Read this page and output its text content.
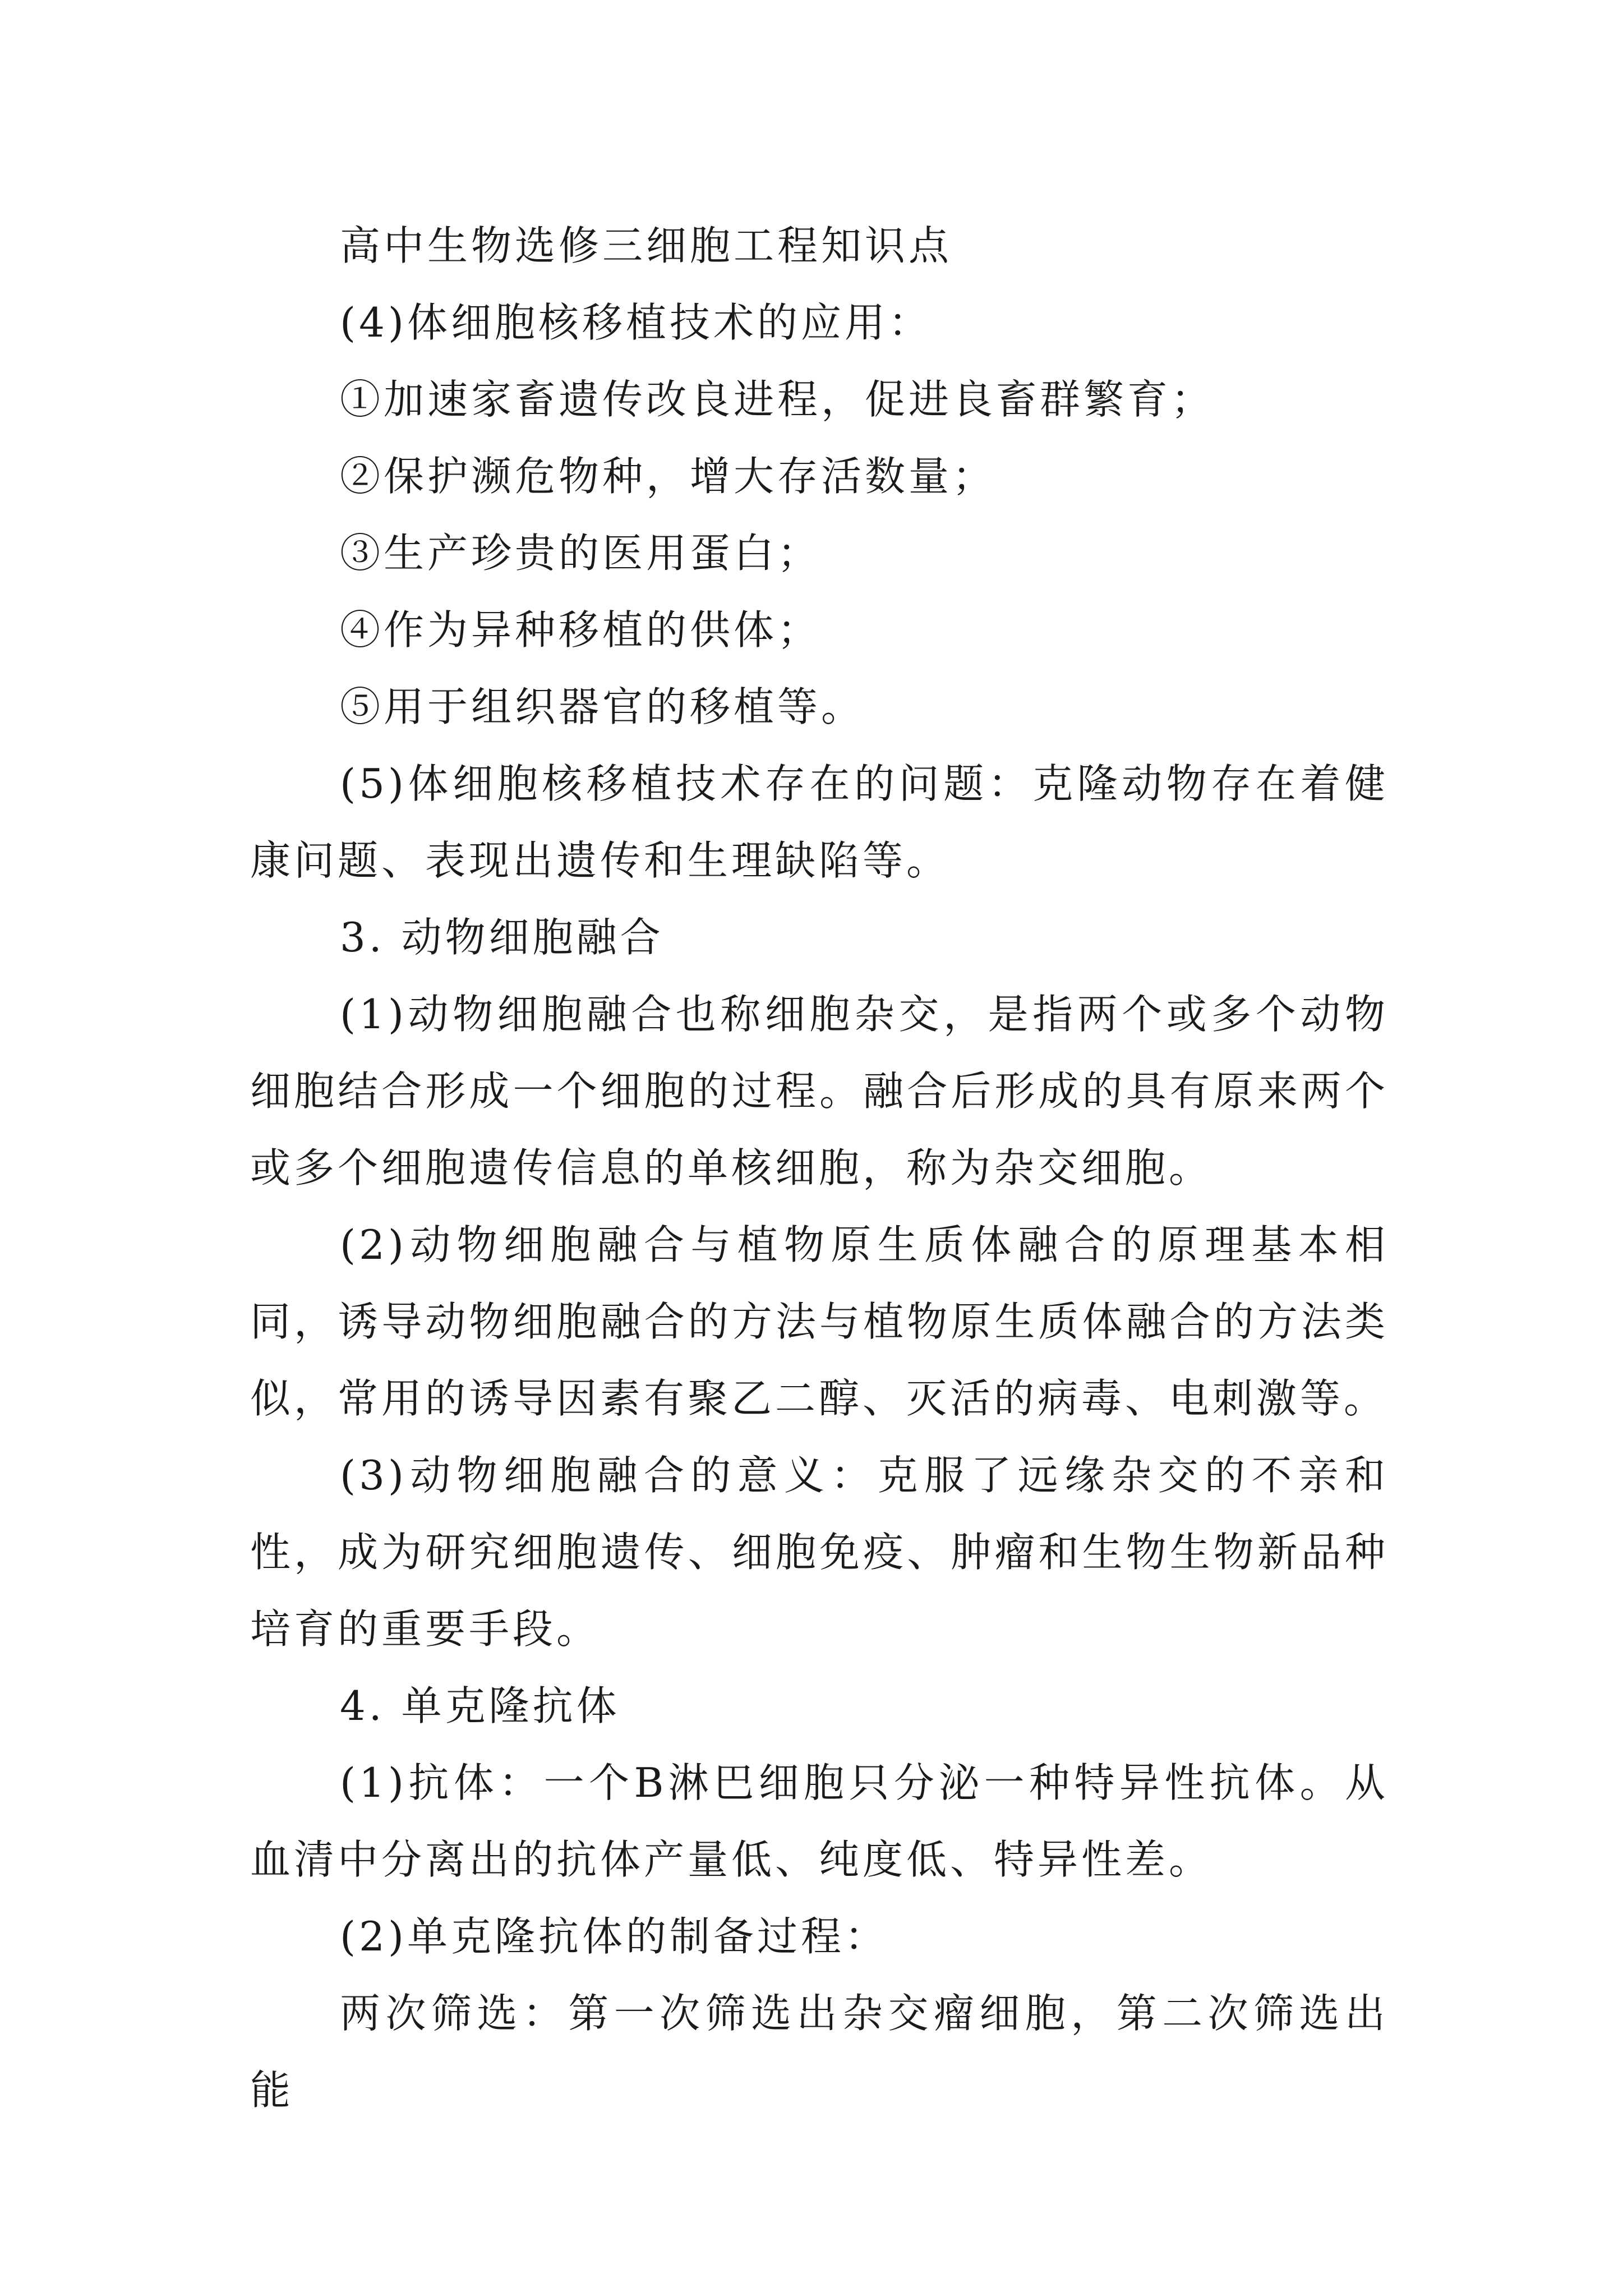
高中生物选修三细胞工程知识点

(4)体细胞核移植技术的应用：

①加速家畜遗传改良进程，促进良畜群繁育；

②保护濒危物种，增大存活数量；

③生产珍贵的医用蛋白；

④作为异种移植的供体；

⑤用于组织器官的移植等。

(5)体细胞核移植技术存在的问题：克隆动物存在着健康问题、表现出遗传和生理缺陷等。

3. 动物细胞融合

(1)动物细胞融合也称细胞杂交，是指两个或多个动物细胞结合形成一个细胞的过程。融合后形成的具有原来两个或多个细胞遗传信息的单核细胞，称为杂交细胞。

(2)动物细胞融合与植物原生质体融合的原理基本相同，诱导动物细胞融合的方法与植物原生质体融合的方法类似，常用的诱导因素有聚乙二醇、灭活的病毒、电刺激等。

(3)动物细胞融合的意义：克服了远缘杂交的不亲和性，成为研究细胞遗传、细胞免疫、肿瘤和生物生物新品种培育的重要手段。

4. 单克隆抗体

(1)抗体：一个B淋巴细胞只分泌一种特异性抗体。从血清中分离出的抗体产量低、纯度低、特异性差。

(2)单克隆抗体的制备过程：

两次筛选：第一次筛选出杂交瘤细胞，第二次筛选出能
